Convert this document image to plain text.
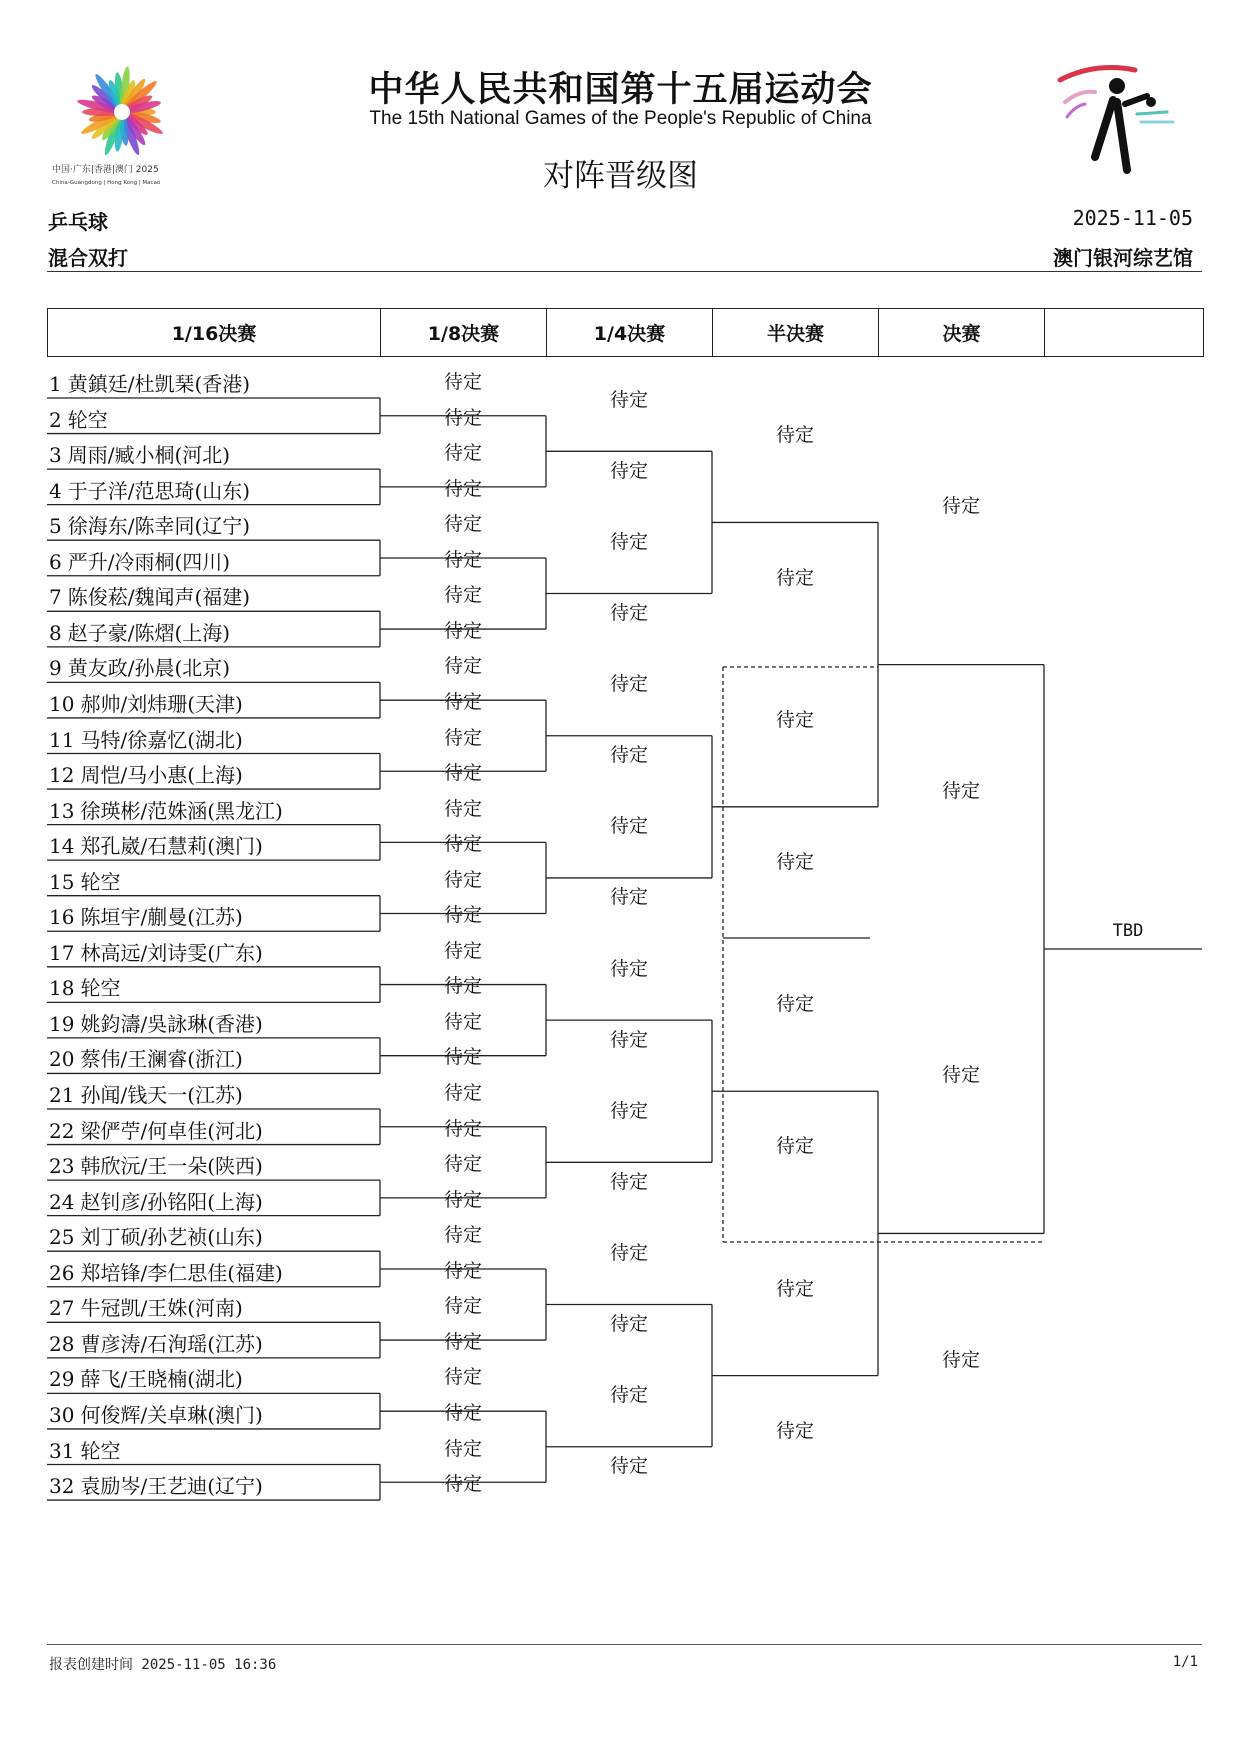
中国·广东|香港|澳门 2025
China-Guangdong | Hong Kong | Macao
中华人民共和国第十五届运动会
The 15th National Games of the People's Republic of China
对阵晋级图
乒乓球
混合双打
2025-11-05
澳门银河综艺馆
1/16决赛	1/8决赛	1/4决赛	半决赛	决赛	
待定
待定
待定
待定
待定
待定
待定
待定
待定
待定
待定
待定
待定
待定
待定
待定
待定
待定
待定
待定
待定
待定
待定
待定
待定
待定
待定
待定
待定
待定
待定
待定
待定
待定
待定
待定
待定
待定
待定
待定
待定
待定
待定
待定
待定
待定
待定
待定
待定
待定
待定
待定
待定
待定
待定
待定
待定
待定
待定
待定
TBD
报表创建时间 2025-11-05 16:36	1/1
1 黄鎮廷/杜凱琹(香港)
2 轮空
3 周雨/臧小桐(河北)
4 于子洋/范思琦(山东)
5 徐海东/陈幸同(辽宁)
6 严升/冷雨桐(四川)
7 陈俊菘/魏闻声(福建)
8 赵子豪/陈熠(上海)
9 黄友政/孙晨(北京)
10 郝帅/刘炜珊(天津)
11 马特/徐嘉忆(湖北)
12 周恺/马小惠(上海)
13 徐瑛彬/范姝涵(黑龙江)
14 郑孔崴/石慧莉(澳门)
15 轮空
16 陈垣宇/蒯曼(江苏)
17 林高远/刘诗雯(广东)
18 轮空
19 姚鈞濤/吳詠琳(香港)
20 蔡伟/王澜睿(浙江)
21 孙闻/钱天一(江苏)
22 梁俨苧/何卓佳(河北)
23 韩欣沅/王一朵(陕西)
24 赵钊彦/孙铭阳(上海)
25 刘丁硕/孙艺祯(山东)
26 郑培锋/李仁思佳(福建)
27 牛冠凯/王姝(河南)
28 曹彦涛/石洵瑶(江苏)
29 薛飞/王晓楠(湖北)
30 何俊辉/关卓琳(澳门)
31 轮空
32 袁励岑/王艺迪(辽宁)
